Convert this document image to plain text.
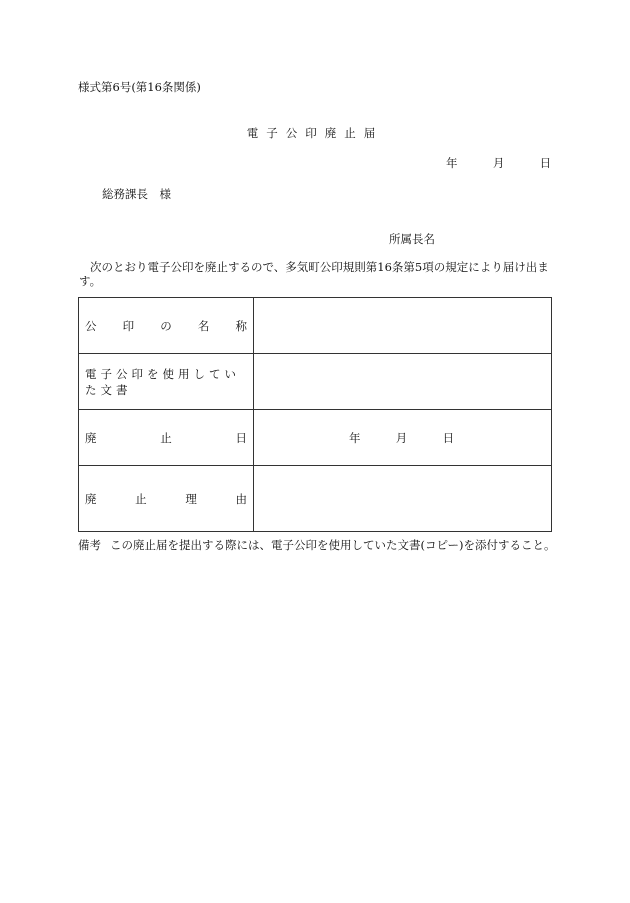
様式第6号(第16条関係)
電子公印廃止届
年	月	日
総務課長　様
所属長名
次のとおり電子公印を廃止するので、多気町公印規則第16条第5項の規定により届け出ます。
公 印 の 名 称	

電子公印を使用していた文書	

廃 止 日	年 月 日

廃 止 理 由	

備考 この廃止届を提出する際には、電子公印を使用していた文書(コピー)を添付すること。
